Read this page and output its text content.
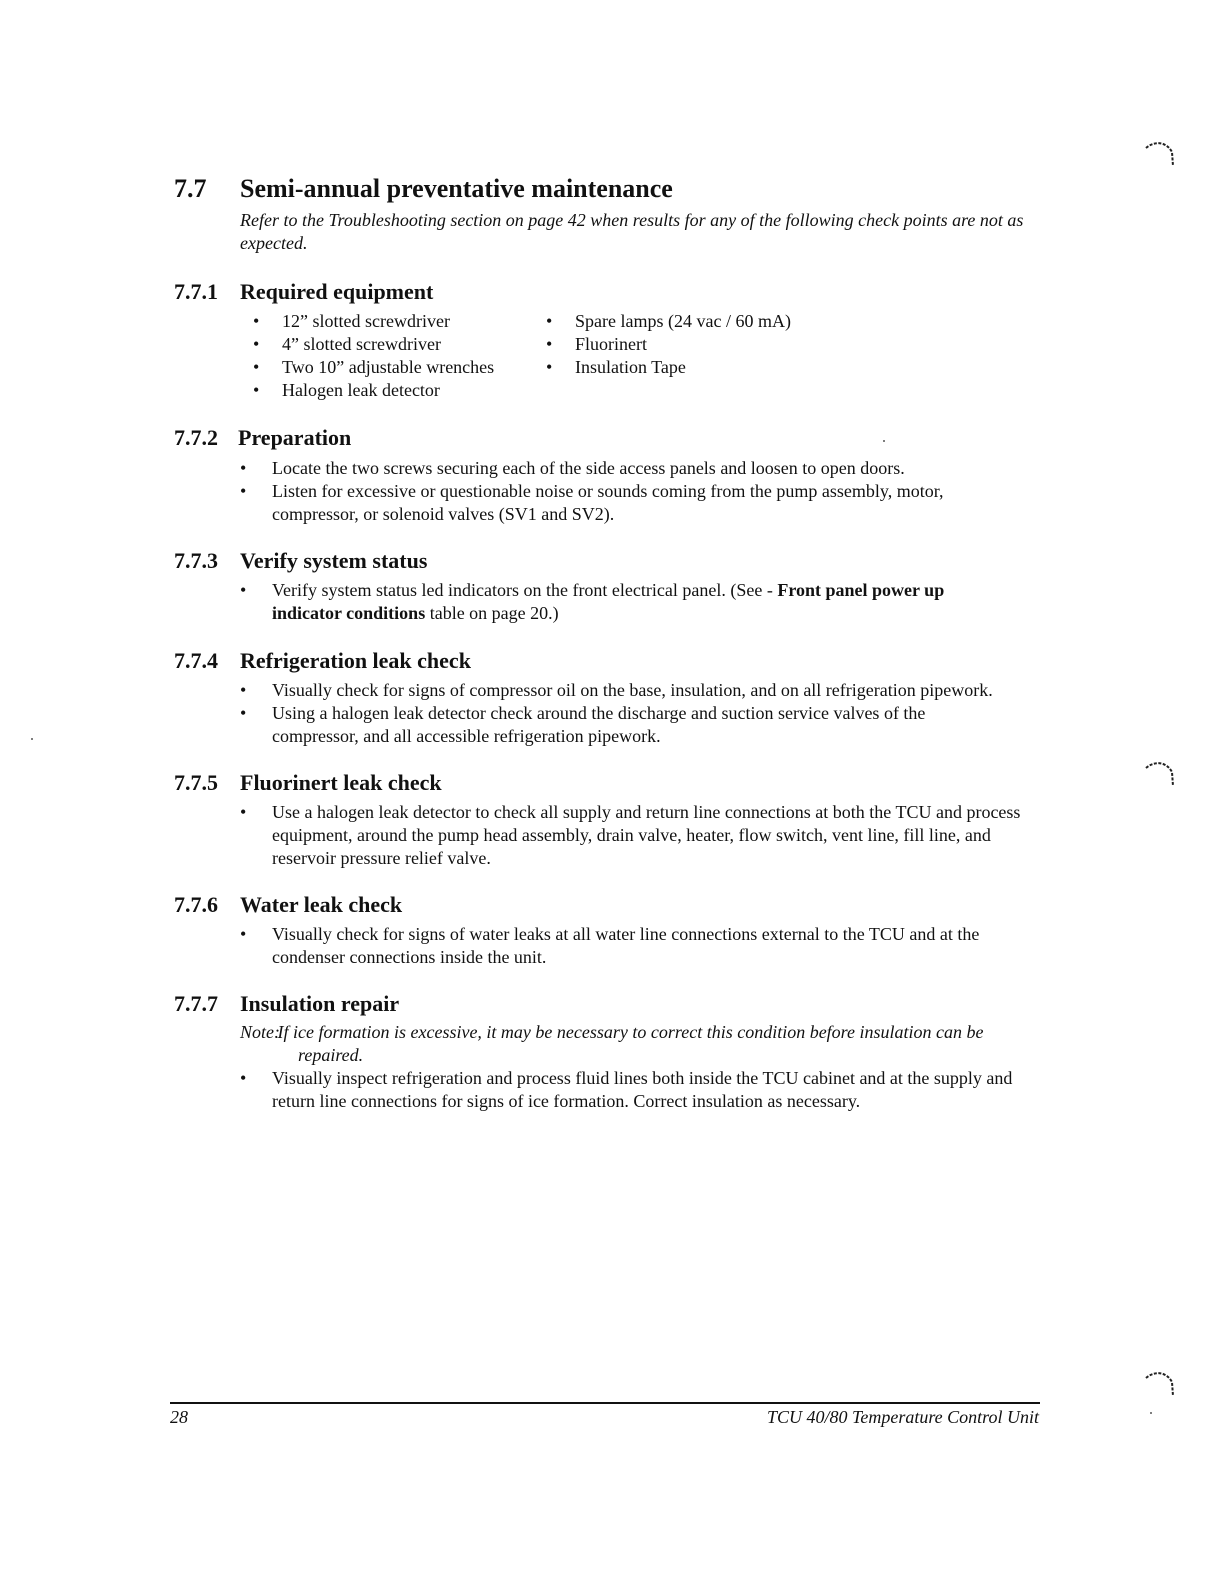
7.7 Semi-annual preventative maintenance
Refer to the Troubleshooting section on page 42 when results for any of the following check points are not as expected.
7.7.1 Required equipment
•	12” slotted screwdriver
•	4” slotted screwdriver
•	Two 10” adjustable wrenches
•	Halogen leak detector
•	Spare lamps (24 vac / 60 mA)
•	Fluorinert
•	Insulation Tape
7.7.2 Preparation
•	Locate the two screws securing each of the side access panels and loosen to open doors.
•	Listen for excessive or questionable noise or sounds coming from the pump assembly, motor, compressor, or solenoid valves (SV1 and SV2).
7.7.3 Verify system status
•	Verify system status led indicators on the front electrical panel. (See - Front panel power up indicator conditions table on page 20.)
7.7.4 Refrigeration leak check
•	Visually check for signs of compressor oil on the base, insulation, and on all refrigeration pipework.
•	Using a halogen leak detector check around the discharge and suction service valves of the compressor, and all accessible refrigeration pipework.
7.7.5 Fluorinert leak check
•	Use a halogen leak detector to check all supply and return line connections at both the TCU and process equipment, around the pump head assembly, drain valve, heater, flow switch, vent line, fill line, and reservoir pressure relief valve.
7.7.6 Water leak check
•	Visually check for signs of water leaks at all water line connections external to the TCU and at the condenser connections inside the unit.
7.7.7 Insulation repair
Note: If ice formation is excessive, it may be necessary to correct this condition before insulation can be
repaired.
•	Visually inspect refrigeration and process fluid lines both inside the TCU cabinet and at the supply and return line connections for signs of ice formation. Correct insulation as necessary.
28	TCU 40/80 Temperature Control Unit
